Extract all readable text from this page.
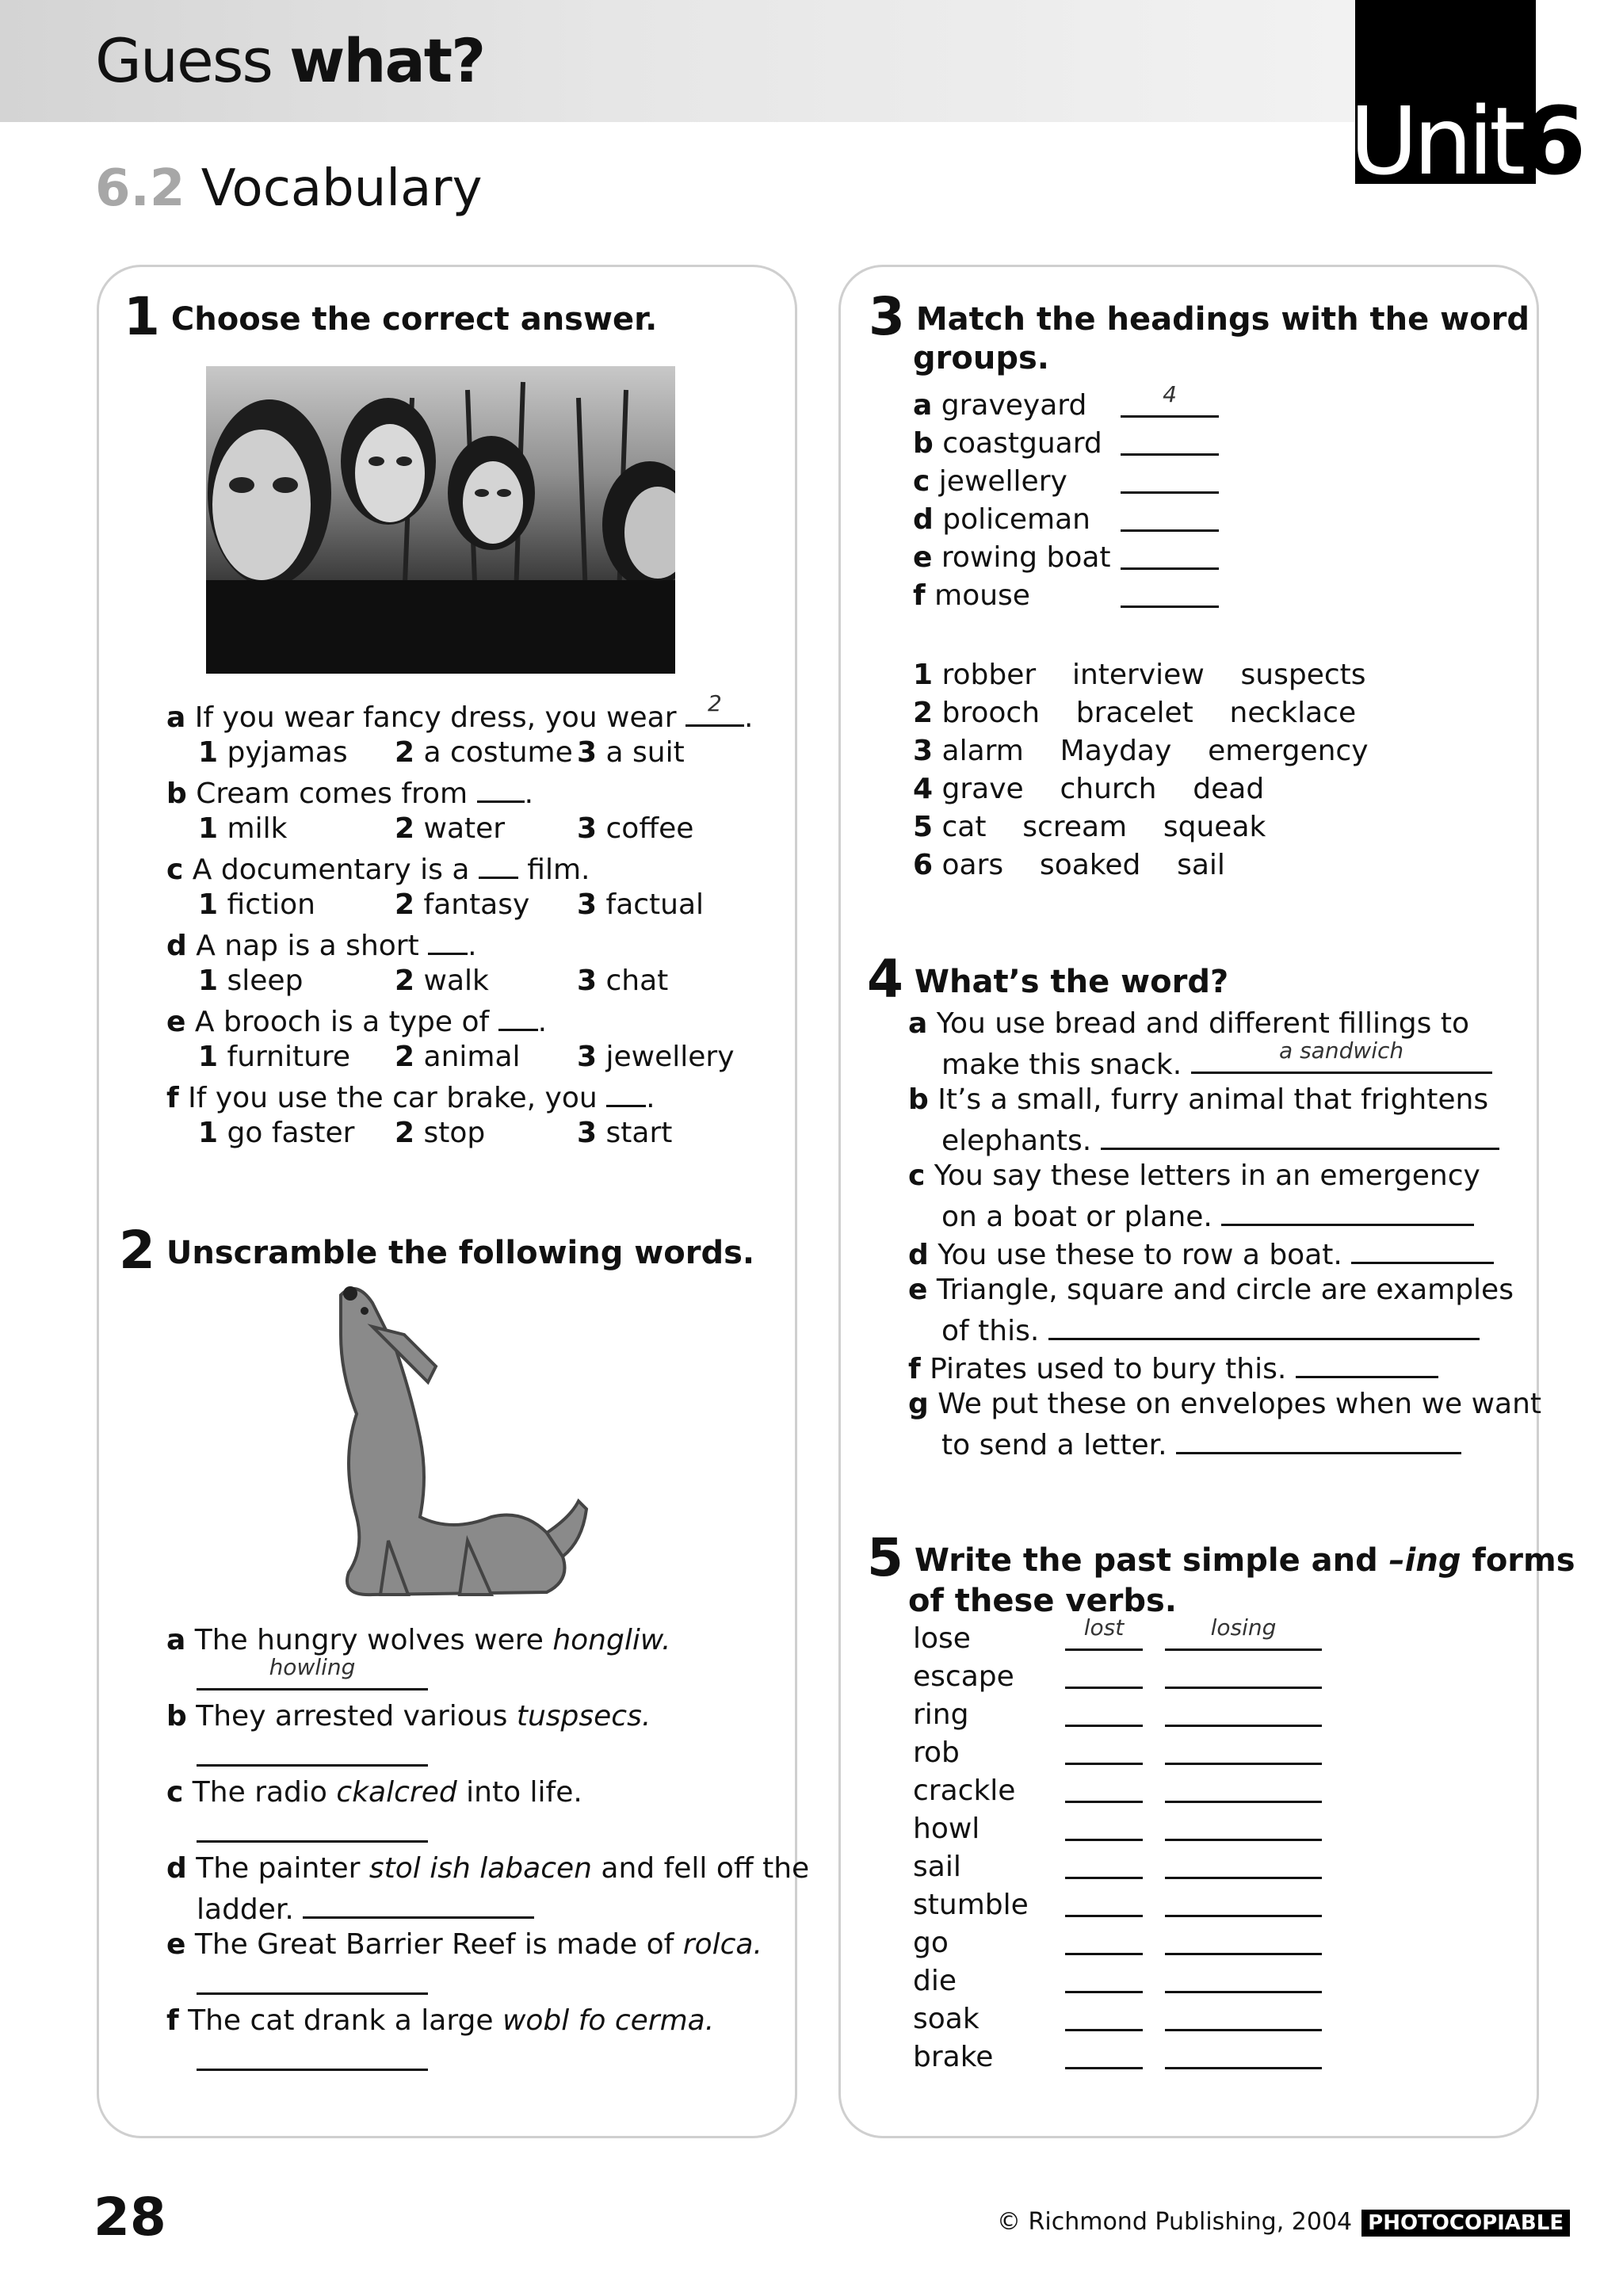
Guess what?
Unit6
6.2 Vocabulary
1 Choose the correct answer.
a If you wear fancy dress, you wear	2 .
1 pyjamas 2 a costume 3 a suit
b Cream comes from .
1 milk	2 water	3 coffee
c A documentary is a  film.
1 fiction	2 fantasy 3 factual
d A nap is a short .
1 sleep	2 walk	3 chat
e A brooch is a type of .
1 furniture 2 animal 3 jewellery
f If you use the car brake, you .
1 go faster 2 stop	3 start
2 Unscramble the following words.
a The hungry wolves were hongliw.
howling
b They arrested various tuspsecs.
c The radio ckalcred into life.
d The painter stol ish labacen and fell off the
ladder.
e The Great Barrier Reef is made of rolca.
f The cat drank a large wobl fo cerma.
3 Match the headings with the word
groups.
a graveyard	4
b coastguard
c jewellery
d policeman
e rowing boat
f mouse
1 robber    interview    suspects
2 brooch    bracelet    necklace
3 alarm    Mayday    emergency
4 grave    church    dead
5 cat    scream    squeak
6 oars    soaked    sail
4 What’s the word?
a You use bread and different fillings to
make this snack.	a sandwich
b It’s a small, furry animal that frightens
elephants.
c You say these letters in an emergency
on a boat or plane.
d You use these to row a boat.
e Triangle, square and circle are examples
of this.
f Pirates used to bury this.
g We put these on envelopes when we want
to send a letter.
5 Write the past simple and –ing forms
of these verbs.
lose	lost	losing
escape
ring
rob
crackle
howl
sail
stumble
go
die
soak
brake
28	© Richmond Publishing, 2004 PHOTOCOPIABLE
